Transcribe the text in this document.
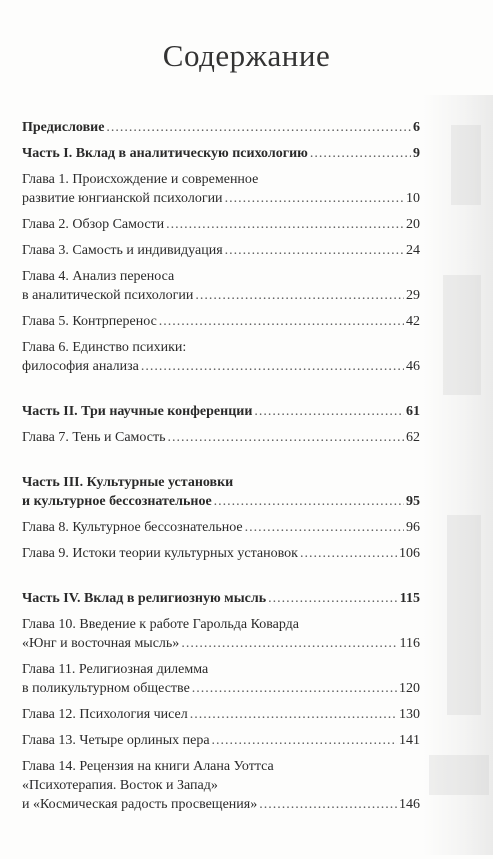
Содержание
Предисловие .....	6
Часть I. Вклад в аналитическую психологию .....	9
Глава 1. Происхождение и современное
развитие юнгианской психологии .....	10
Глава 2. Обзор Самости .....	20
Глава 3. Самость и индивидуация .....	24
Глава 4. Анализ переноса
в аналитической психологии .....	29
Глава 5. Контрперенос .....	42
Глава 6. Единство психики:
философия анализа .....	46
Часть II. Три научные конференции .....	61
Глава 7. Тень и Самость .....	62
Часть III. Культурные установки
и культурное бессознательное .....	95
Глава 8. Культурное бессознательное .....	96
Глава 9. Истоки теории культурных установок .....	106
Часть IV. Вклад в религиозную мысль .....	115
Глава 10. Введение к работе Гарольда Коварда
«Юнг и восточная мысль» .....	116
Глава 11. Религиозная дилемма
в поликультурном обществе .....	120
Глава 12. Психология чисел .....	130
Глава 13. Четыре орлиных пера .....	141
Глава 14. Рецензия на книги Алана Уоттса
«Психотерапия. Восток и Запад»
и «Космическая радость просвещения» .....	146
